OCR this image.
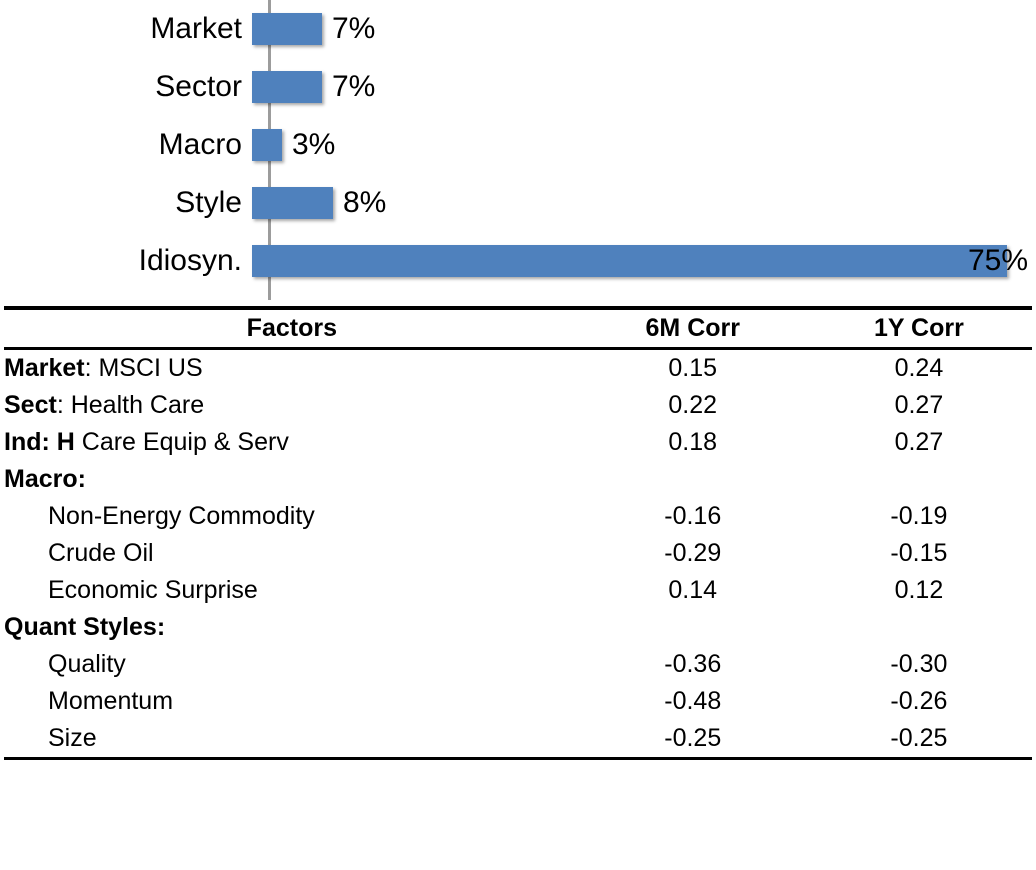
Market	7%
Sector	7%
Macro	3%
Style	8%
Idiosyn.	75%
Factors	6M Corr	1Y Corr
Market: MSCI US	0.15	0.24
Sect: Health Care	0.22	0.27
Ind: H Care Equip & Serv	0.18	0.27
Macro:		
Non-Energy Commodity	-0.16	-0.19
Crude Oil	-0.29	-0.15
Economic Surprise	0.14	0.12
Quant Styles:		
Quality	-0.36	-0.30
Momentum	-0.48	-0.26
Size	-0.25	-0.25
